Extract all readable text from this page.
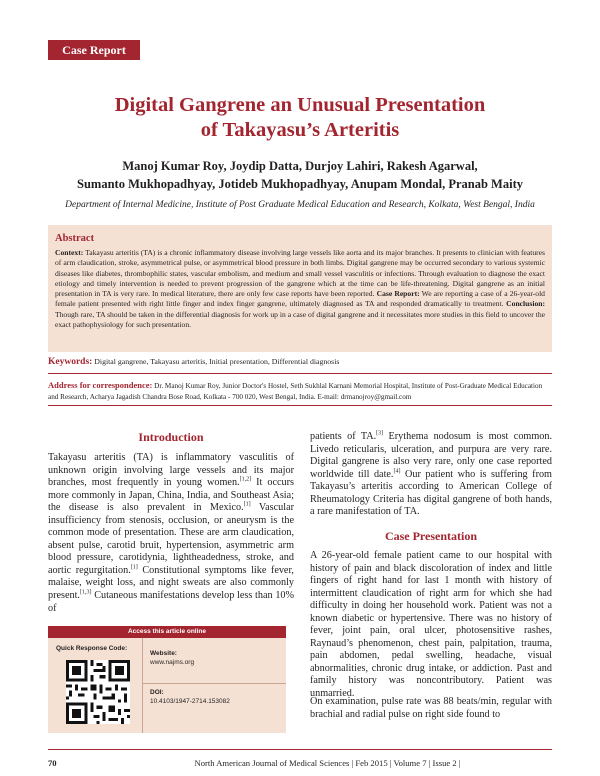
Case Report
Digital Gangrene an Unusual Presentation
of Takayasu’s Arteritis
Manoj Kumar Roy, Joydip Datta, Durjoy Lahiri, Rakesh Agarwal,
Sumanto Mukhopadhyay, Jotideb Mukhopadhyay, Anupam Mondal, Pranab Maity
Department of Internal Medicine, Institute of Post Graduate Medical Education and Research, Kolkata, West Bengal, India
Abstract
Context: Takayasu arteritis (TA) is a chronic inflammatory disease involving large vessels like aorta and its major branches. It presents to clinician with features of arm claudication, stroke, asymmetrical pulse, or asymmetrical blood pressure in both limbs. Digital gangrene may be occurred secondary to various systemic diseases like diabetes, thrombophilic states, vascular embolism, and medium and small vessel vasculitis or infections. Through evaluation to diagnose the exact etiology and timely intervention is needed to prevent progression of the gangrene which at the time can be life-threatening. Digital gangrene as an initial presentation in TA is very rare. In medical literature, there are only few case reports have been reported. Case Report: We are reporting a case of a 26-year-old female patient presented with right little finger and index finger gangrene, ultimately diagnosed as TA and responded dramatically to treatment. Conclusion: Though rare, TA should be taken in the differential diagnosis for work up in a case of digital gangrene and it necessitates more studies in this field to uncover the exact pathophysiology for such presentation.
Keywords: Digital gangrene, Takayasu arteritis, Initial presentation, Differential diagnosis
Address for correspondence: Dr. Manoj Kumar Roy, Junior Doctor's Hostel, Seth Sukhlal Karnani Memorial Hospital, Institute of Post-Graduate Medical Education and Research, Acharya Jagadish Chandra Bose Road, Kolkata - 700 020, West Bengal, India. E-mail: drmanojroy@gmail.com
Introduction
Takayasu arteritis (TA) is inflammatory vasculitis of unknown origin involving large vessels and its major branches, most frequently in young women.[1,2] It occurs more commonly in Japan, China, India, and Southeast Asia; the disease is also prevalent in Mexico.[1] Vascular insufficiency from stenosis, occlusion, or aneurysm is the common mode of presentation. These are arm claudication, absent pulse, carotid bruit, hypertension, asymmetric arm blood pressure, carotidynia, lightheadedness, stroke, and aortic regurgitation.[1] Constitutional symptoms like fever, malaise, weight loss, and night sweats are also commonly present.[1,3] Cutaneous manifestations develop less than 10% of
Access this article online
Quick Response Code:
Website:
www.najms.org
DOI:
10.4103/1947-2714.153082
patients of TA.[3] Erythema nodosum is most common. Livedo reticularis, ulceration, and purpura are very rare. Digital gangrene is also very rare, only one case reported worldwide till date.[4] Our patient who is suffering from Takayasu’s arteritis according to American College of Rheumatology Criteria has digital gangrene of both hands, a rare manifestation of TA.
Case Presentation
A 26-year-old female patient came to our hospital with history of pain and black discoloration of index and little fingers of right hand for last 1 month with history of intermittent claudication of right arm for which she had difficulty in doing her household work. Patient was not a known diabetic or hypertensive. There was no history of fever, joint pain, oral ulcer, photosensitive rashes, Raynaud’s phenomenon, chest pain, palpitation, trauma, pain abdomen, pedal swelling, headache, visual abnormalities, chronic drug intake, or addiction. Past and family history was noncontributory. Patient was unmarried.
On examination, pulse rate was 88 beats/min, regular with brachial and radial pulse on right side found to
70	North American Journal of Medical Sciences | Feb 2015 | Volume 7 | Issue 2 |
